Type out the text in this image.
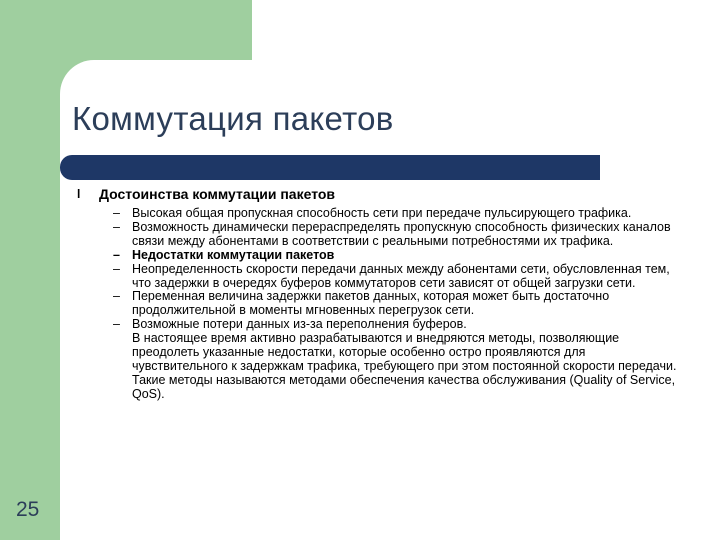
Коммутация пакетов
l Достоинства коммутации пакетов
– Высокая общая пропускная способность сети при передаче пульсирующего трафика.
– Возможность динамически перераспределять пропускную способность физических каналов связи между абонентами в соответствии с реальными потребностями их трафика.
– Недостатки коммутации пакетов
– Неопределенность скорости передачи данных между абонентами сети, обусловленная тем, что задержки в очередях буферов коммутаторов сети зависят от общей загрузки сети.
– Переменная величина задержки пакетов данных, которая может быть достаточно продолжительной в моменты мгновенных перегрузок сети.
– Возможные потери данных из-за переполнения буферов.
В настоящее время активно разрабатываются и внедряются методы, позволяющие преодолеть указанные недостатки, которые особенно остро проявляются для чувствительного к задержкам трафика, требующего при этом постоянной скорости передачи. Такие методы называются методами обеспечения качества обслуживания (Quality of Service, QoS).
25
